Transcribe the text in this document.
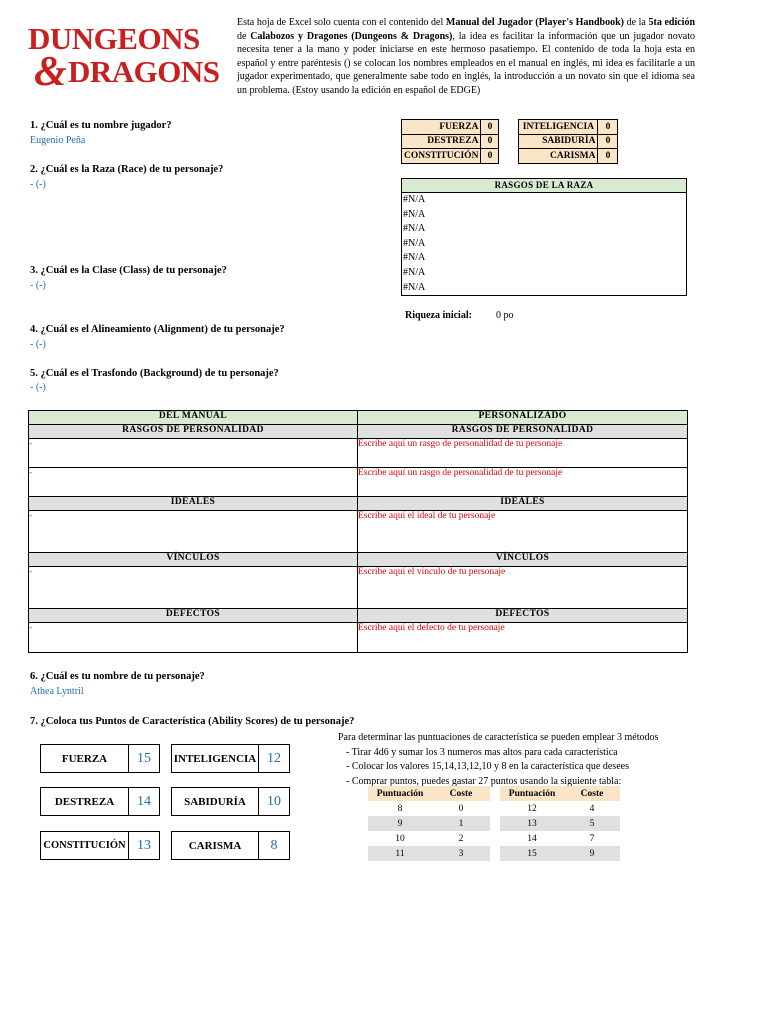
DUNGEONS
& DRAGONS
Esta hoja de Excel solo cuenta con el contenido del Manual del Jugador (Player's Handbook) de la 5ta edición de Calabozos y Dragones (Dungeons & Dragons), la idea es facilitar la información que un jugador novato necesita tener a la mano y poder iniciarse en este hermoso pasatiempo. El contenido de toda la hoja esta en español y entre paréntesis () se colocan los nombres empleados en el manual en inglés, mi idea es facilitarle a un jugador experimentado, que generalmente sabe todo en inglés, la introducción a un novato sin que el idioma sea un problema. (Estoy usando la edición en español de EDGE)
1. ¿Cuál es tu nombre jugador?
Eugenio Peña
2. ¿Cuál es la Raza (Race) de tu personaje?
- (-)
3. ¿Cuál es la Clase (Class) de tu personaje?
- (-)
4. ¿Cuál es el Alineamiento (Alignment) de tu personaje?
- (-)
5. ¿Cuál es el Trasfondo (Background) de tu personaje?
- (-)
FUERZA	0		INTELIGENCIA	0
DESTREZA	0		SABIDURÍA	0
CONSTITUCIÓN	0		CARISMA	0
RASGOS DE LA RAZA
#N/A
#N/A
#N/A
#N/A
#N/A
#N/A
#N/A
Riqueza inicial: 0 po
DEL MANUAL	PERSONALIZADO
RASGOS DE PERSONALIDAD	RASGOS DE PERSONALIDAD
-	Escribe aquí un rasgo de personalidad de tu personaje
-	Escribe aquí un rasgo de personalidad de tu personaje
IDEALES	IDEALES
-	Escribe aquí el ideal de tu personaje
VÍNCULOS	VÍNCULOS
-	Escribe aquí el vínculo de tu personaje
DEFECTOS	DEFECTOS
-	Escribe aquí el defecto de tu personaje
6. ¿Cuál es tu nombre de tu personaje?
Athea Lyntril
7. ¿Coloca tus Puntos de Característica (Ability Scores) de tu personaje?
FUERZA	15	INTELIGENCIA 12
DESTREZA	14	SABIDURÍA	10
CONSTITUCIÓN 13	CARISMA	8
Para determinar las puntuaciones de característica se pueden emplear 3 métodos
- Tirar 4d6 y sumar los 3 numeros mas altos para cada característica
- Colocar los valores 15,14,13,12,10 y 8 en la característica que desees
- Comprar puntos, puedes gastar 27 puntos usando la siguiente tabla:
Puntuación	Coste
8	0
9	1
10	2
11	3
Puntuación	Coste
12	4
13	5
14	7
15	9
